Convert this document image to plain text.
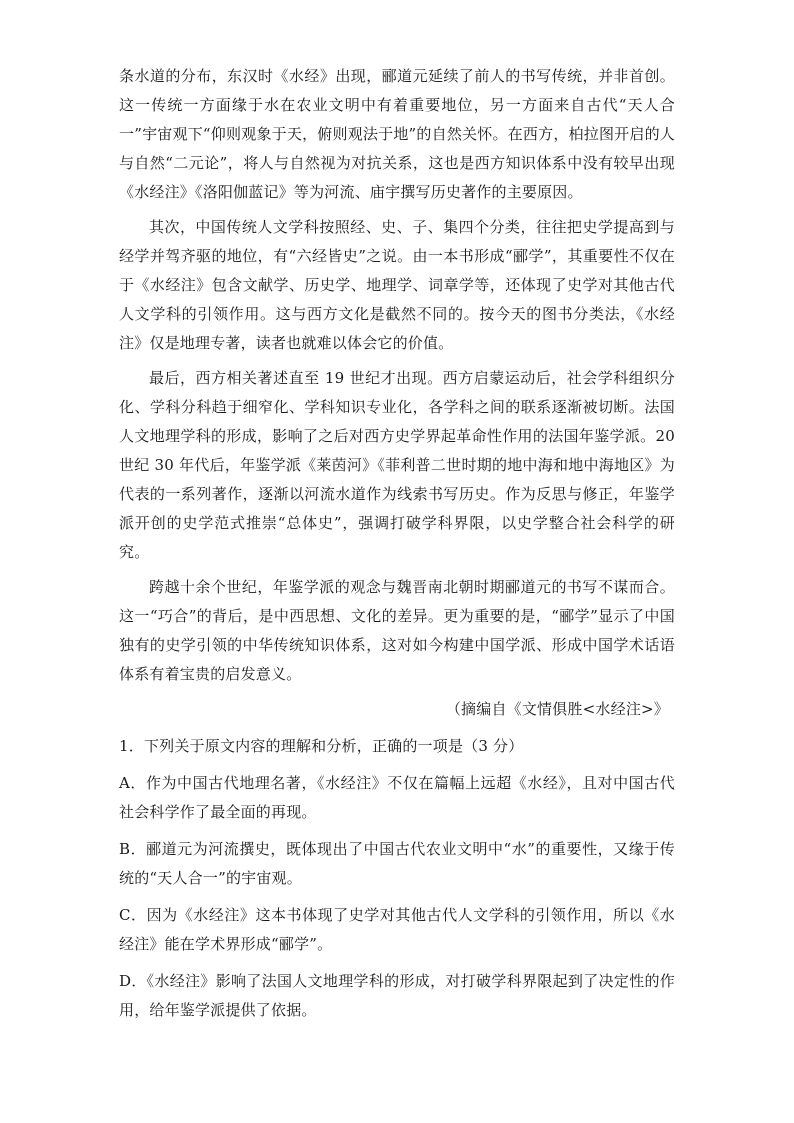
条水道的分布，东汉时《水经》出现，郦道元延续了前人的书写传统，并非首创。这一传统一方面缘于水在农业文明中有着重要地位，另一方面来自古代“天人合一”宇宙观下“仰则观象于天，俯则观法于地”的自然关怀。在西方，柏拉图开启的人与自然“二元论”，将人与自然视为对抗关系，这也是西方知识体系中没有较早出现《水经注》《洛阳伽蓝记》等为河流、庙宇撰写历史著作的主要原因。

其次，中国传统人文学科按照经、史、子、集四个分类，往往把史学提高到与经学并驾齐驱的地位，有“六经皆史”之说。由一本书形成“郦学”，其重要性不仅在于《水经注》包含文献学、历史学、地理学、词章学等，还体现了史学对其他古代人文学科的引领作用。这与西方文化是截然不同的。按今天的图书分类法，《水经注》仅是地理专著，读者也就难以体会它的价值。

最后，西方相关著述直至 19 世纪才出现。西方启蒙运动后，社会学科组织分化、学科分科趋于细窄化、学科知识专业化，各学科之间的联系逐渐被切断。法国人文地理学科的形成，影响了之后对西方史学界起革命性作用的法国年鉴学派。20 世纪 30 年代后，年鉴学派《莱茵河》《菲利普二世时期的地中海和地中海地区》为代表的一系列著作，逐渐以河流水道作为线索书写历史。作为反思与修正，年鉴学派开创的史学范式推崇“总体史”，强调打破学科界限，以史学整合社会科学的研究。

跨越十余个世纪，年鉴学派的观念与魏晋南北朝时期郦道元的书写不谋而合。这一“巧合”的背后，是中西思想、文化的差异。更为重要的是，“郦学”显示了中国独有的史学引领的中华传统知识体系，这对如今构建中国学派、形成中国学术话语体系有着宝贵的启发意义。

（摘编自《文情俱胜<水经注>》

1．下列关于原文内容的理解和分析，正确的一项是（3 分）

A．作为中国古代地理名著，《水经注》不仅在篇幅上远超《水经》，且对中国古代社会科学作了最全面的再现。

B．郦道元为河流撰史，既体现出了中国古代农业文明中“水”的重要性，又缘于传统的“天人合一”的宇宙观。

C．因为《水经注》这本书体现了史学对其他古代人文学科的引领作用，所以《水经注》能在学术界形成“郦学”。

D．《水经注》影响了法国人文地理学科的形成，对打破学科界限起到了决定性的作用，给年鉴学派提供了依据。
